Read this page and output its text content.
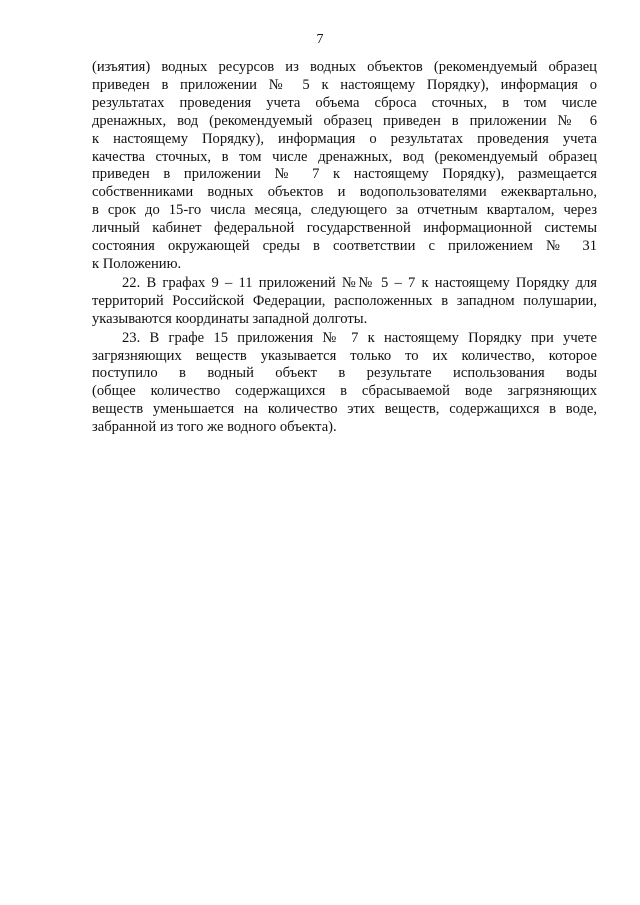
7
(изъятия) водных ресурсов из водных объектов (рекомендуемый образец
приведен в приложении № 5 к настоящему Порядку), информация о
результатах проведения учета объема сброса сточных, в том числе
дренажных, вод (рекомендуемый образец приведен в приложении № 6
к настоящему Порядку), информация о результатах проведения учета
качества сточных, в том числе дренажных, вод (рекомендуемый образец
приведен в приложении № 7 к настоящему Порядку), размещается
собственниками водных объектов и водопользователями ежеквартально,
в срок до 15-го числа месяца, следующего за отчетным кварталом, через
личный кабинет федеральной государственной информационной системы
состояния окружающей среды в соответствии с приложением № 31
к Положению.
22. В графах 9 – 11 приложений №№ 5 – 7 к настоящему Порядку для
территорий Российской Федерации, расположенных в западном полушарии,
указываются координаты западной долготы.
23. В графе 15 приложения № 7 к настоящему Порядку при учете
загрязняющих веществ указывается только то их количество, которое
поступило в водный объект в результате использования воды
(общее количество содержащихся в сбрасываемой воде загрязняющих
веществ уменьшается на количество этих веществ, содержащихся в воде,
забранной из того же водного объекта).
